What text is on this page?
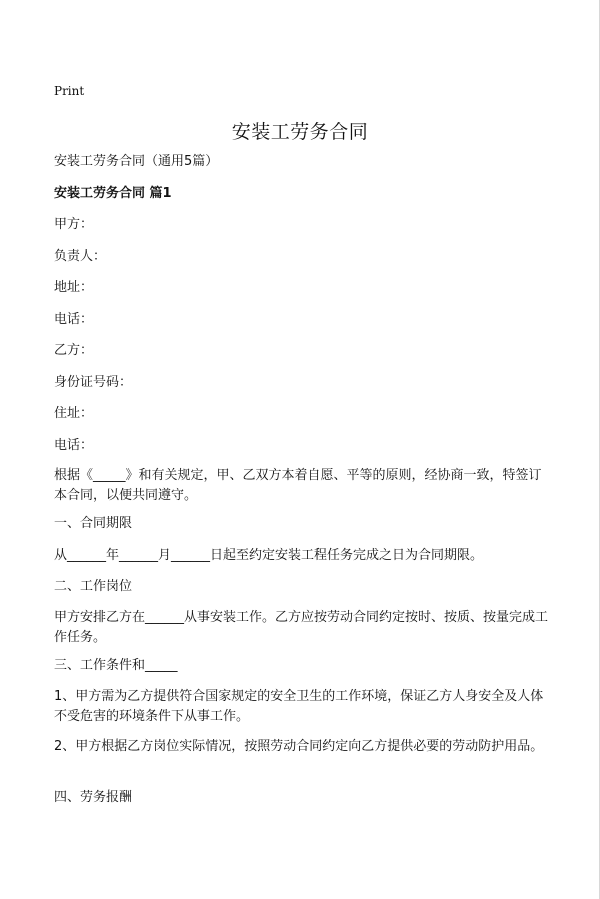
Print
安装工劳务合同
安装工劳务合同（通用5篇）
安装工劳务合同 篇1
甲方：
负责人：
地址：
电话：
乙方：
身份证号码：
住址：
电话：
根据《_____》和有关规定，甲、乙双方本着自愿、平等的原则，经协商一致，特签订本合同，以便共同遵守。
一、合同期限
从______年______月______日起至约定安装工程任务完成之日为合同期限。
二、工作岗位
甲方安排乙方在______从事安装工作。乙方应按劳动合同约定按时、按质、按量完成工作任务。
三、工作条件和_____
1、甲方需为乙方提供符合国家规定的安全卫生的工作环境，保证乙方人身安全及人体不受危害的环境条件下从事工作。
2、甲方根据乙方岗位实际情况，按照劳动合同约定向乙方提供必要的劳动防护用品。
四、劳务报酬
